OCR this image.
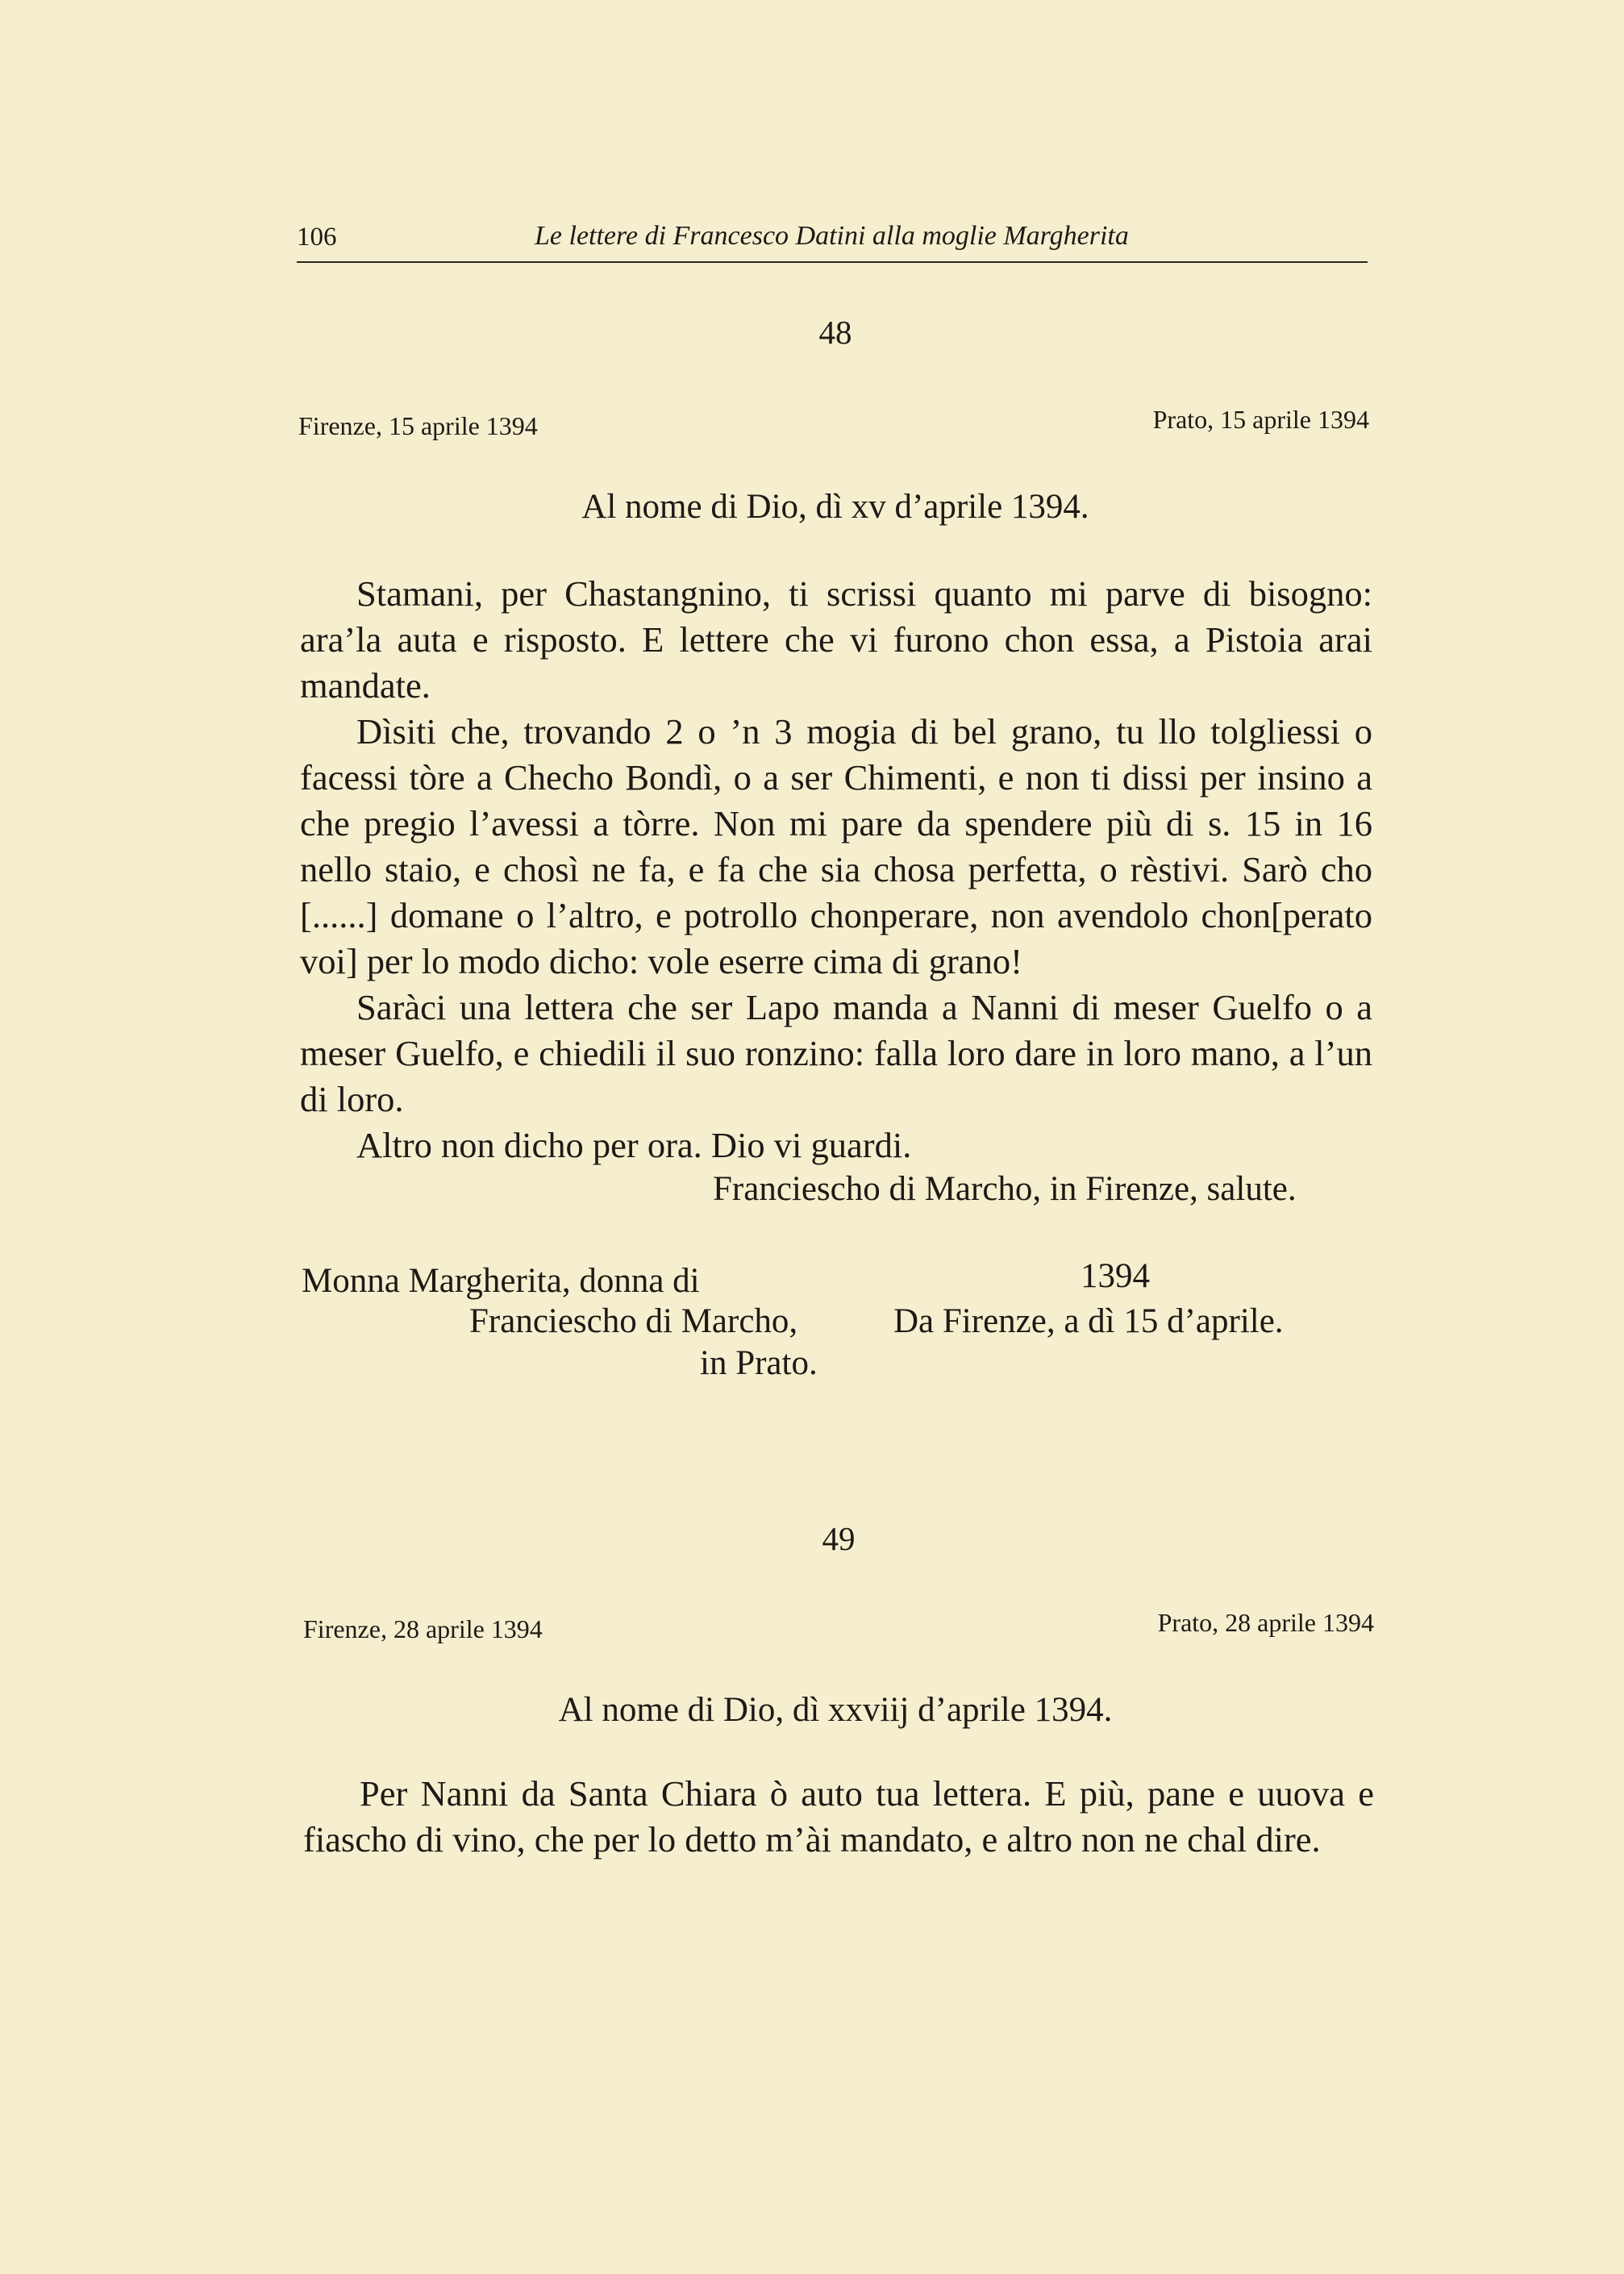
106	Le lettere di Francesco Datini alla moglie Margherita
48
Firenze, 15 aprile 1394	Prato, 15 aprile 1394
Al nome di Dio, dì xv d’aprile 1394.

Stamani, per Chastangnino, ti scrissi quanto mi parve di bisogno: ara’la auta e risposto. E lettere che vi furono chon essa, a Pistoia arai mandate.

Dìsiti che, trovando 2 o ’n 3 mogia di bel grano, tu llo tolgliessi o facessi tòre a Checho Bondì, o a ser Chimenti, e non ti dissi per insino a che pregio l’avessi a tòrre. Non mi pare da spendere più di s. 15 in 16 nello staio, e chosì ne fa, e fa che sia chosa perfetta, o rèstivi. Sarò cho [......] domane o l’altro, e potrollo chonperare, non avendolo chon[perato voi] per lo modo dicho: vole eserre cima di grano!

Saràci una lettera che ser Lapo manda a Nanni di meser Guelfo o a meser Guelfo, e chiedili il suo ronzino: falla loro dare in loro mano, a l’un di loro.

Altro non dicho per ora. Dio vi guardi.

Franciescho di Marcho, in Firenze, salute.
Monna Margherita, donna di
Franciescho di Marcho,
in Prato.
1394
Da Firenze, a dì 15 d’aprile.
49
Firenze, 28 aprile 1394	Prato, 28 aprile 1394
Al nome di Dio, dì xxviij d’aprile 1394.

Per Nanni da Santa Chiara ò auto tua lettera. E più, pane e uuova e fiascho di vino, che per lo detto m’ài mandato, e altro non ne chal dire.
